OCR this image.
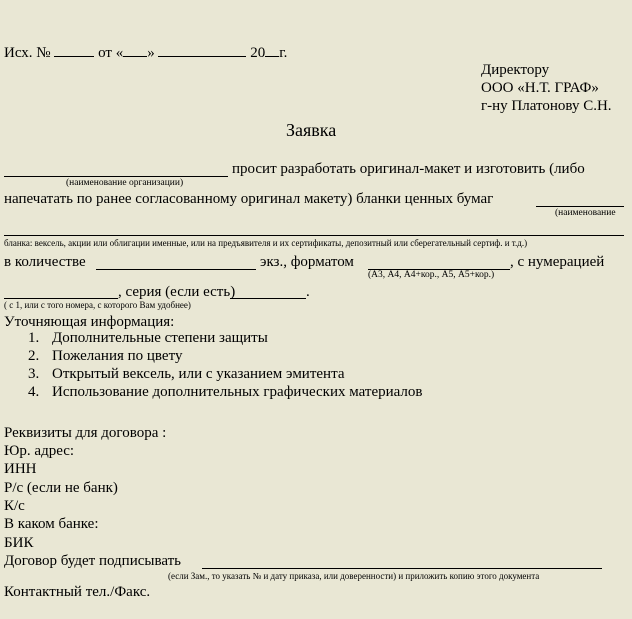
Исх. №	от « »	20 г.
Директору
ООО «Н.Т. ГРАФ»
г-ну Платонову С.Н.
Заявка
просит разработать оригинал-макет и изготовить (либо
(наименование организации)
напечатать по ранее согласованному оригинал макету) бланки ценных бумаг
(наименование
бланка: вексель, акции или облигации именные, или на предъявителя и их сертификаты, депозитный или сберегательный сертиф. и т.д.)
в количестве	экз., форматом	, с нумерацией
(А3, А4, А4+кор., А5, А5+кор.)
, серия (если есть)	.
( с 1, или с того номера, с которого Вам удобнее)
Уточняющая информация:
1. Дополнительные степени защиты
2. Пожелания по цвету
3. Открытый вексель, или с указанием эмитента
4. Использование дополнительных графических материалов
Реквизиты для договора :
Юр. адрес:
ИНН
Р/с (если не банк)
К/с
В каком банке:
БИК
Договор будет подписывать
(если Зам., то указать № и дату приказа, или доверенности) и приложить копию этого документа
Контактный тел./Факс.
